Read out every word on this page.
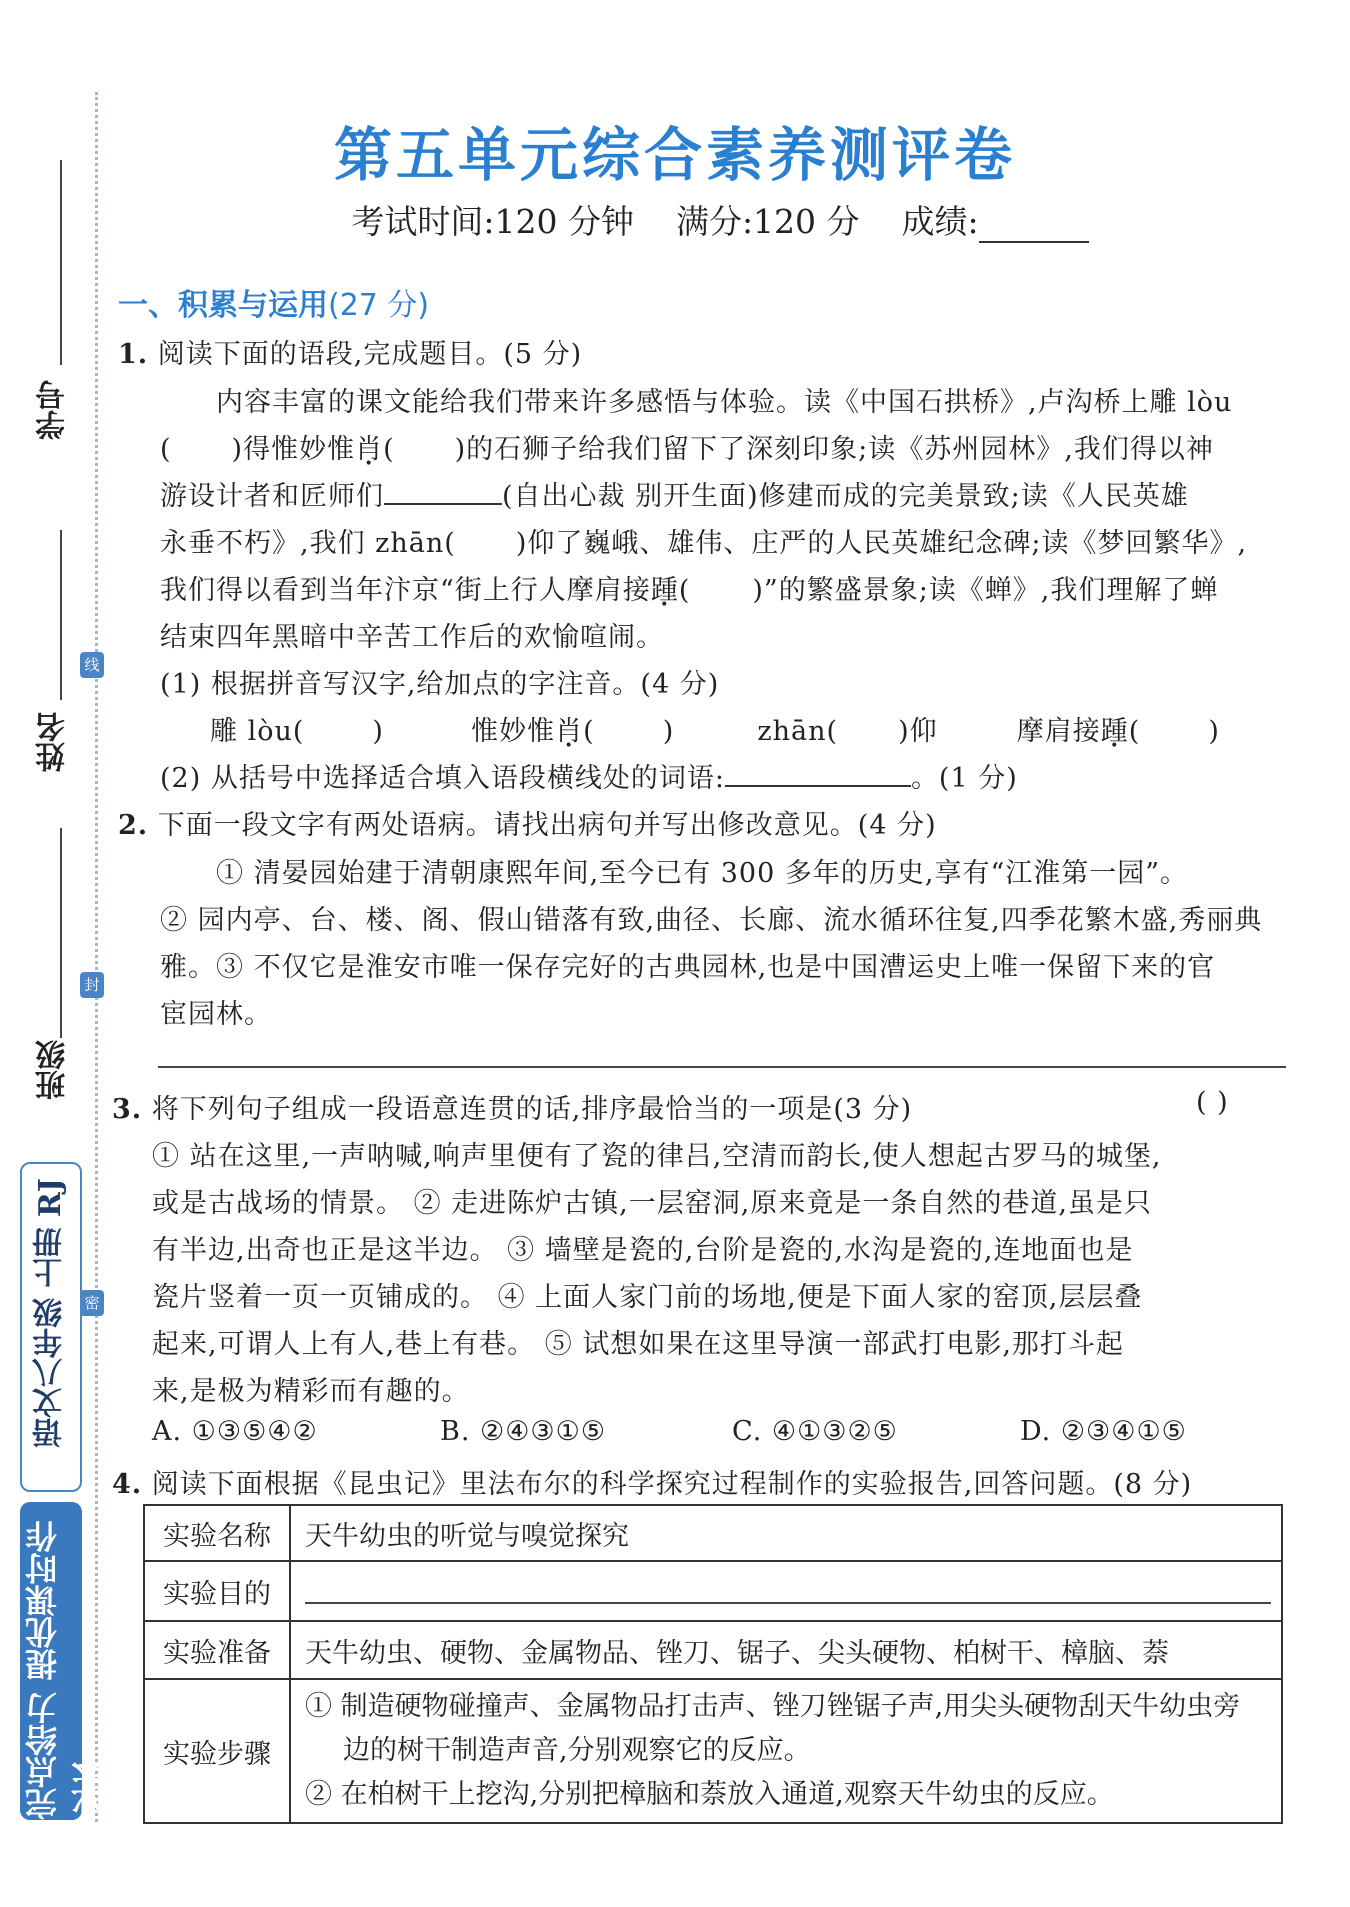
学号
姓名
班级
线
封
密
语文八年级 上册 RJ
完点给力 提优课时作业本
第五单元综合素养测评卷
考试时间:120 分钟 满分:120 分 成绩:
一、积累与运用(27 分)
1. 阅读下面的语段,完成题目。(5 分)
内容丰富的课文能给我们带来许多感悟与体验。读《中国石拱桥》,卢沟桥上雕 lòu
( )得惟妙惟肖( )的石狮子给我们留下了深刻印象;读《苏州园林》,我们得以神
游设计者和匠师们	(自出心裁 别开生面)修建而成的完美景致;读《人民英雄
永垂不朽》,我们 zhān( )仰了巍峨、雄伟、庄严的人民英雄纪念碑;读《梦回繁华》,
我们得以看到当年汴京“街上行人摩肩接踵( )”的繁盛景象;读《蝉》,我们理解了蝉
结束四年黑暗中辛苦工作后的欢愉喧闹。
(1) 根据拼音写汉字,给加点的字注音。(4 分)
雕 lòu(	)	惟妙惟肖(	)	zhān( )仰	摩肩接踵(	)
(2) 从括号中选择适合填入语段横线处的词语:	。(1 分)
2. 下面一段文字有两处语病。请找出病句并写出修改意见。(4 分)
① 清晏园始建于清朝康熙年间,至今已有 300 多年的历史,享有“江淮第一园”。
② 园内亭、台、楼、阁、假山错落有致,曲径、长廊、流水循环往复,四季花繁木盛,秀丽典
雅。③ 不仅它是淮安市唯一保存完好的古典园林,也是中国漕运史上唯一保留下来的官
宦园林。
3. 将下列句子组成一段语意连贯的话,排序最恰当的一项是(3 分)	( )
① 站在这里,一声呐喊,响声里便有了瓷的律吕,空清而韵长,使人想起古罗马的城堡,
或是古战场的情景。 ② 走进陈炉古镇,一层窑洞,原来竟是一条自然的巷道,虽是只
有半边,出奇也正是这半边。 ③ 墙壁是瓷的,台阶是瓷的,水沟是瓷的,连地面也是
瓷片竖着一页一页铺成的。 ④ 上面人家门前的场地,便是下面人家的窑顶,层层叠
起来,可谓人上有人,巷上有巷。 ⑤ 试想如果在这里导演一部武打电影,那打斗起
来,是极为精彩而有趣的。
A. ①③⑤④②	B. ②④③①⑤	C. ④①③②⑤	D. ②③④①⑤
4. 阅读下面根据《昆虫记》里法布尔的科学探究过程制作的实验报告,回答问题。(8 分)
实验名称	天牛幼虫的听觉与嗅觉探究
实验目的	

实验准备	天牛幼虫、硬物、金属物品、锉刀、锯子、尖头硬物、柏树干、樟脑、萘
实验步骤	① 制造硬物碰撞声、金属物品打击声、锉刀锉锯子声,用尖头硬物刮天牛幼虫旁
边的树干制造声音,分别观察它的反应。
② 在柏树干上挖沟,分别把樟脑和萘放入通道,观察天牛幼虫的反应。
